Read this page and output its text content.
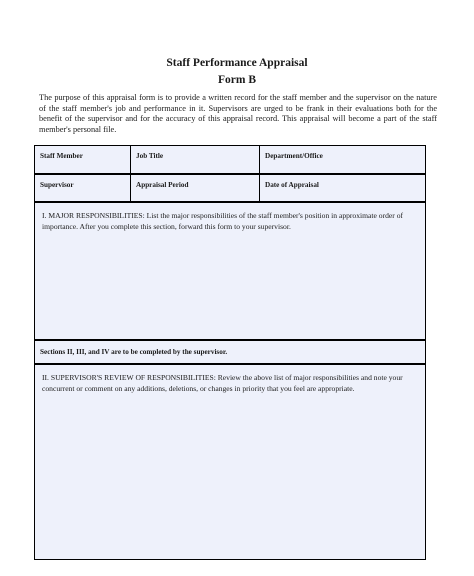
Staff Performance Appraisal
Form B
The purpose of this appraisal form is to provide a written record for the staff member and the supervisor on the nature of the staff member's job and performance in it. Supervisors are urged to be frank in their evaluations both for the benefit of the supervisor and for the accuracy of this appraisal record. This appraisal will become a part of the staff member's personal file.
Staff Member	Job Title	Department/Office
Supervisor	Appraisal Period	Date of Appraisal
I. MAJOR RESPONSIBILITIES: List the major responsibilities of the staff member's position in approximate order of importance. After you complete this section, forward this form to your supervisor.
Sections II, III, and IV are to be completed by the supervisor.
II. SUPERVISOR'S REVIEW OF RESPONSIBILITIES: Review the above list of major responsibilities and note your concurrent or comment on any additions, deletions, or changes in priority that you feel are appropriate.
